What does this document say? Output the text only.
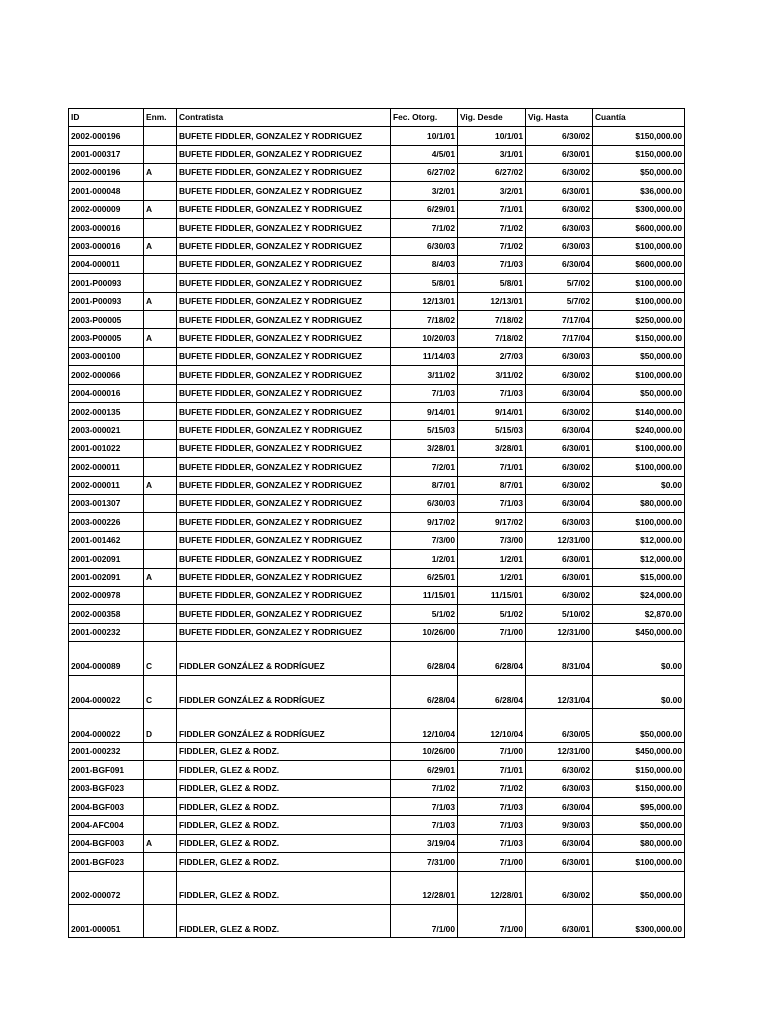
ID	Enm.	Contratista	Fec. Otorg.	Vig. Desde	Vig. Hasta	Cuantía
2002-000196		BUFETE FIDDLER, GONZALEZ Y RODRIGUEZ	10/1/01	10/1/01	6/30/02	$150,000.00
2001-000317		BUFETE FIDDLER, GONZALEZ Y RODRIGUEZ	4/5/01	3/1/01	6/30/01	$150,000.00
2002-000196	A	BUFETE FIDDLER, GONZALEZ Y RODRIGUEZ	6/27/02	6/27/02	6/30/02	$50,000.00
2001-000048		BUFETE FIDDLER, GONZALEZ Y RODRIGUEZ	3/2/01	3/2/01	6/30/01	$36,000.00
2002-000009	A	BUFETE FIDDLER, GONZALEZ Y RODRIGUEZ	6/29/01	7/1/01	6/30/02	$300,000.00
2003-000016		BUFETE FIDDLER, GONZALEZ Y RODRIGUEZ	7/1/02	7/1/02	6/30/03	$600,000.00
2003-000016	A	BUFETE FIDDLER, GONZALEZ Y RODRIGUEZ	6/30/03	7/1/02	6/30/03	$100,000.00
2004-000011		BUFETE FIDDLER, GONZALEZ Y RODRIGUEZ	8/4/03	7/1/03	6/30/04	$600,000.00
2001-P00093		BUFETE FIDDLER, GONZALEZ Y RODRIGUEZ	5/8/01	5/8/01	5/7/02	$100,000.00
2001-P00093	A	BUFETE FIDDLER, GONZALEZ Y RODRIGUEZ	12/13/01	12/13/01	5/7/02	$100,000.00
2003-P00005		BUFETE FIDDLER, GONZALEZ Y RODRIGUEZ	7/18/02	7/18/02	7/17/04	$250,000.00
2003-P00005	A	BUFETE FIDDLER, GONZALEZ Y RODRIGUEZ	10/20/03	7/18/02	7/17/04	$150,000.00
2003-000100		BUFETE FIDDLER, GONZALEZ Y RODRIGUEZ	11/14/03	2/7/03	6/30/03	$50,000.00
2002-000066		BUFETE FIDDLER, GONZALEZ Y RODRIGUEZ	3/11/02	3/11/02	6/30/02	$100,000.00
2004-000016		BUFETE FIDDLER, GONZALEZ Y RODRIGUEZ	7/1/03	7/1/03	6/30/04	$50,000.00
2002-000135		BUFETE FIDDLER, GONZALEZ Y RODRIGUEZ	9/14/01	9/14/01	6/30/02	$140,000.00
2003-000021		BUFETE FIDDLER, GONZALEZ Y RODRIGUEZ	5/15/03	5/15/03	6/30/04	$240,000.00
2001-001022		BUFETE FIDDLER, GONZALEZ Y RODRIGUEZ	3/28/01	3/28/01	6/30/01	$100,000.00
2002-000011		BUFETE FIDDLER, GONZALEZ Y RODRIGUEZ	7/2/01	7/1/01	6/30/02	$100,000.00
2002-000011	A	BUFETE FIDDLER, GONZALEZ Y RODRIGUEZ	8/7/01	8/7/01	6/30/02	$0.00
2003-001307		BUFETE FIDDLER, GONZALEZ Y RODRIGUEZ	6/30/03	7/1/03	6/30/04	$80,000.00
2003-000226		BUFETE FIDDLER, GONZALEZ Y RODRIGUEZ	9/17/02	9/17/02	6/30/03	$100,000.00
2001-001462		BUFETE FIDDLER, GONZALEZ Y RODRIGUEZ	7/3/00	7/3/00	12/31/00	$12,000.00
2001-002091		BUFETE FIDDLER, GONZALEZ Y RODRIGUEZ	1/2/01	1/2/01	6/30/01	$12,000.00
2001-002091	A	BUFETE FIDDLER, GONZALEZ Y RODRIGUEZ	6/25/01	1/2/01	6/30/01	$15,000.00
2002-000978		BUFETE FIDDLER, GONZALEZ Y RODRIGUEZ	11/15/01	11/15/01	6/30/02	$24,000.00
2002-000358		BUFETE FIDDLER, GONZALEZ Y RODRIGUEZ	5/1/02	5/1/02	5/10/02	$2,870.00
2001-000232		BUFETE FIDDLER, GONZALEZ Y RODRIGUEZ	10/26/00	7/1/00	12/31/00	$450,000.00
2004-000089	C	FIDDLER GONZÁLEZ & RODRÍGUEZ	6/28/04	6/28/04	8/31/04	$0.00
2004-000022	C	FIDDLER GONZÁLEZ & RODRÍGUEZ	6/28/04	6/28/04	12/31/04	$0.00
2004-000022	D	FIDDLER GONZÁLEZ & RODRÍGUEZ	12/10/04	12/10/04	6/30/05	$50,000.00
2001-000232		FIDDLER, GLEZ & RODZ.	10/26/00	7/1/00	12/31/00	$450,000.00
2001-BGF091		FIDDLER, GLEZ & RODZ.	6/29/01	7/1/01	6/30/02	$150,000.00
2003-BGF023		FIDDLER, GLEZ & RODZ.	7/1/02	7/1/02	6/30/03	$150,000.00
2004-BGF003		FIDDLER, GLEZ & RODZ.	7/1/03	7/1/03	6/30/04	$95,000.00
2004-AFC004		FIDDLER, GLEZ & RODZ.	7/1/03	7/1/03	9/30/03	$50,000.00
2004-BGF003	A	FIDDLER, GLEZ & RODZ.	3/19/04	7/1/03	6/30/04	$80,000.00
2001-BGF023		FIDDLER, GLEZ & RODZ.	7/31/00	7/1/00	6/30/01	$100,000.00
2002-000072		FIDDLER, GLEZ & RODZ.	12/28/01	12/28/01	6/30/02	$50,000.00
2001-000051		FIDDLER, GLEZ & RODZ.	7/1/00	7/1/00	6/30/01	$300,000.00
